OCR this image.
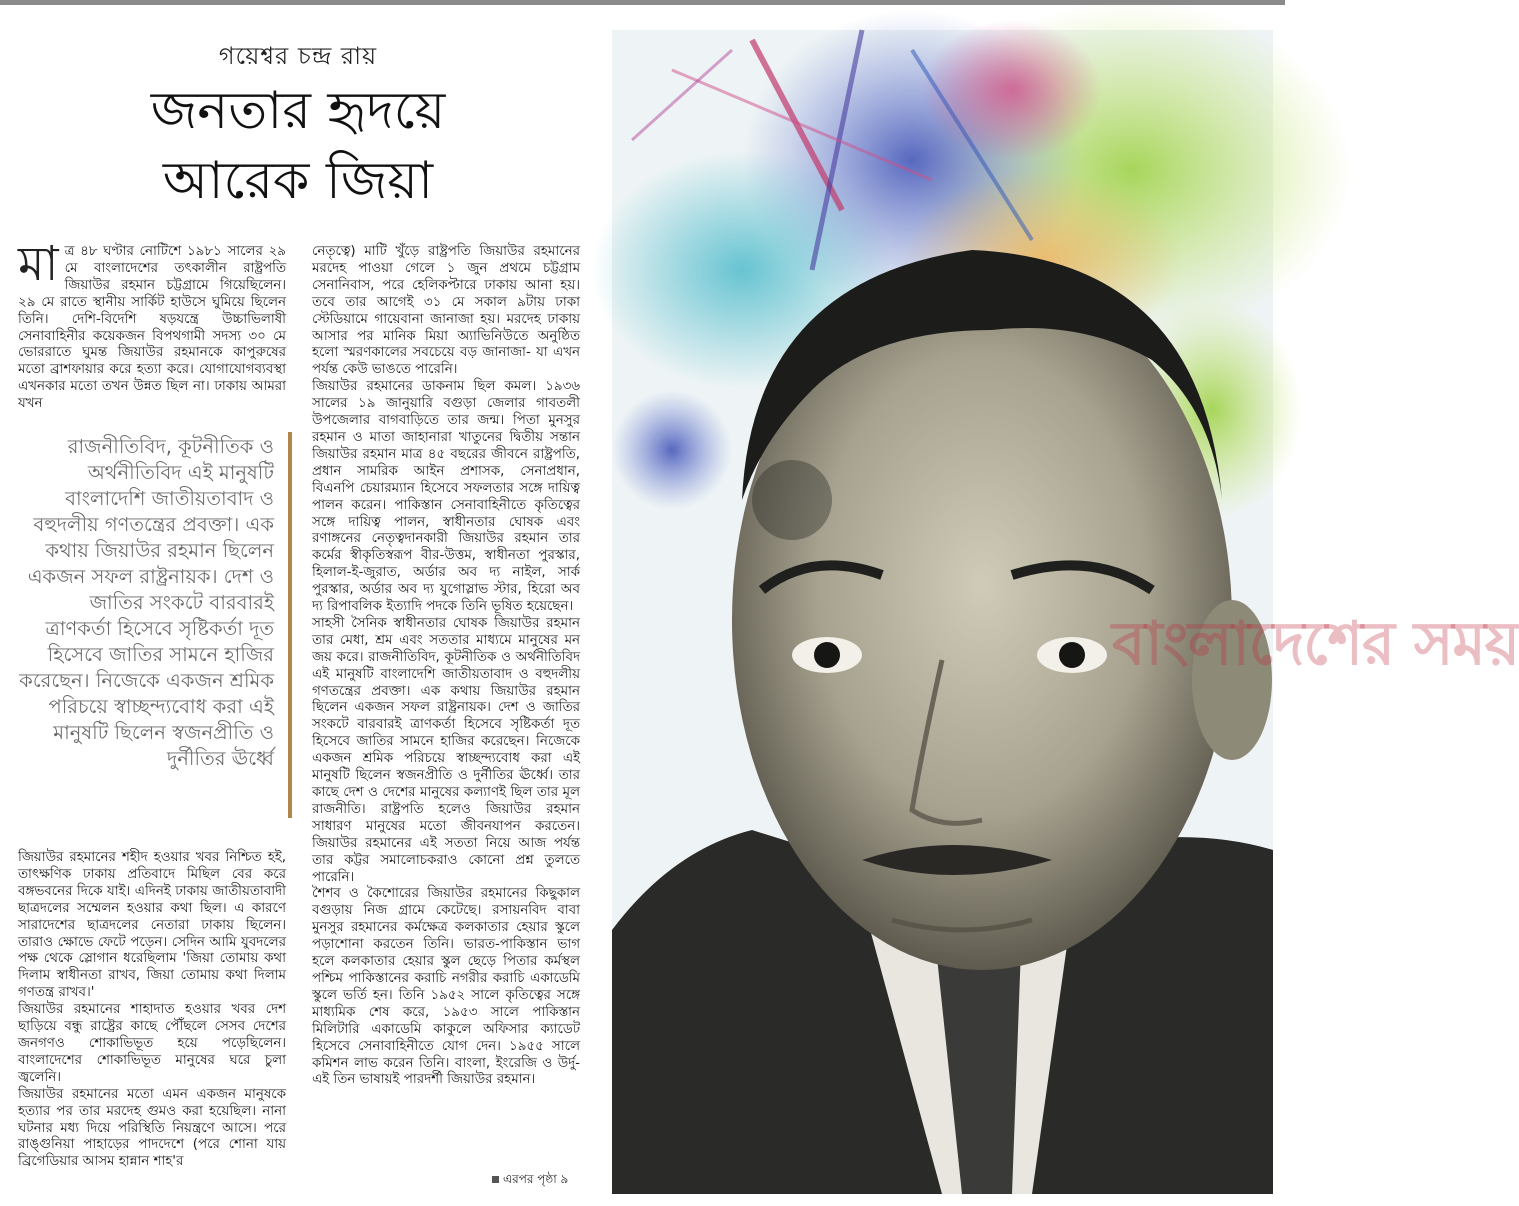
গয়েশ্বর চন্দ্র রায়
জনতার হৃদয়ে
আরেক জিয়া

মাত্র ৪৮ ঘণ্টার নোটিশে ১৯৮১ সালের ২৯ মে বাংলাদেশের তৎকালীন রাষ্ট্রপতি জিয়াউর রহমান চট্টগ্রামে গিয়েছিলেন। ২৯ মে রাতে স্থানীয় সার্কিট হাউসে ঘুমিয়ে ছিলেন তিনি। দেশি-বিদেশি ষড়যন্ত্রে উচ্চাভিলাষী সেনাবাহিনীর কয়েকজন বিপথগামী সদস্য ৩০ মে ভোররাতে ঘুমন্ত জিয়াউর রহমানকে কাপুরুষের মতো ব্রাশফায়ার করে হত্যা করে। যোগাযোগব্যবস্থা এখনকার মতো তখন উন্নত ছিল না। ঢাকায় আমরা যখন

রাজনীতিবিদ, কূটনীতিক ও অর্থনীতিবিদ এই মানুষটি বাংলাদেশি জাতীয়তাবাদ ও বহুদলীয় গণতন্ত্রের প্রবক্তা। এক কথায় জিয়াউর রহমান ছিলেন একজন সফল রাষ্ট্রনায়ক। দেশ ও জাতির সংকটে বারবারই ত্রাণকর্তা হিসেবে সৃষ্টিকর্তা দূত হিসেবে জাতির সামনে হাজির করেছেন। নিজেকে একজন শ্রমিক পরিচয়ে স্বাচ্ছন্দ্যবোধ করা এই মানুষটি ছিলেন স্বজনপ্রীতি ও দুর্নীতির ঊর্ধ্বে

জিয়াউর রহমানের শহীদ হওয়ার খবর নিশ্চিত হই, তাৎক্ষণিক ঢাকায় প্রতিবাদে মিছিল বের করে বঙ্গভবনের দিকে যাই। এদিনই ঢাকায় জাতীয়তাবাদী ছাত্রদলের সম্মেলন হওয়ার কথা ছিল। এ কারণে সারাদেশের ছাত্রদলের নেতারা ঢাকায় ছিলেন। তারাও ক্ষোভে ফেটে পড়েন। সেদিন আমি যুবদলের পক্ষ থেকে স্লোগান ধরেছিলাম 'জিয়া তোমায় কথা দিলাম স্বাধীনতা রাখব, জিয়া তোমায় কথা দিলাম গণতন্ত্র রাখব।'

জিয়াউর রহমানের শাহাদাত হওয়ার খবর দেশ ছাড়িয়ে বন্ধু রাষ্ট্রের কাছে পৌঁছলে সেসব দেশের জনগণও শোকাভিভূত হয়ে পড়েছিলেন। বাংলাদেশের শোকাভিভূত মানুষের ঘরে চুলা জ্বলেনি।

জিয়াউর রহমানের মতো এমন একজন মানুষকে হত্যার পর তার মরদেহ গুমও করা হয়েছিল। নানা ঘটনার মধ্য দিয়ে পরিস্থিতি নিয়ন্ত্রণে আসে। পরে রাঙ্গুনিয়া পাহাড়ের পাদদেশে (পরে শোনা যায় ব্রিগেডিয়ার আসম হান্নান শাহ'র

নেতৃত্বে) মাটি খুঁড়ে রাষ্ট্রপতি জিয়াউর রহমানের মরদেহ পাওয়া গেলে ১ জুন প্রথমে চট্টগ্রাম সেনানিবাস, পরে হেলিকপ্টারে ঢাকায় আনা হয়। তবে তার আগেই ৩১ মে সকাল ৯টায় ঢাকা স্টেডিয়ামে গায়েবানা জানাজা হয়। মরদেহ ঢাকায় আসার পর মানিক মিয়া অ্যাভিনিউতে অনুষ্ঠিত হলো স্মরণকালের সবচেয়ে বড় জানাজা- যা এখন পর্যন্ত কেউ ভাঙতে পারেনি।

জিয়াউর রহমানের ডাকনাম ছিল কমল। ১৯৩৬ সালের ১৯ জানুয়ারি বগুড়া জেলার গাবতলী উপজেলার বাগবাড়িতে তার জন্ম। পিতা মুনসুর রহমান ও মাতা জাহানারা খাতুনের দ্বিতীয় সন্তান জিয়াউর রহমান মাত্র ৪৫ বছরের জীবনে রাষ্ট্রপতি, প্রধান সামরিক আইন প্রশাসক, সেনাপ্রধান, বিএনপি চেয়ারম্যান হিসেবে সফলতার সঙ্গে দায়িত্ব পালন করেন। পাকিস্তান সেনাবাহিনীতে কৃতিত্বের সঙ্গে দায়িত্ব পালন, স্বাধীনতার ঘোষক এবং রণাঙ্গনের নেতৃত্বদানকারী জিয়াউর রহমান তার কর্মের স্বীকৃতিস্বরূপ বীর-উত্তম, স্বাধীনতা পুরস্কার, হিলাল-ই-জুরাত, অর্ডার অব দ্য নাইল, সার্ক পুরস্কার, অর্ডার অব দ্য যুগোস্লাভ স্টার, হিরো অব দ্য রিপাবলিক ইত্যাদি পদকে তিনি ভূষিত হয়েছেন।

সাহসী সৈনিক স্বাধীনতার ঘোষক জিয়াউর রহমান তার মেধা, শ্রম এবং সততার মাধ্যমে মানুষের মন জয় করে। রাজনীতিবিদ, কূটনীতিক ও অর্থনীতিবিদ এই মানুষটি বাংলাদেশি জাতীয়তাবাদ ও বহুদলীয় গণতন্ত্রের প্রবক্তা। এক কথায় জিয়াউর রহমান ছিলেন একজন সফল রাষ্ট্রনায়ক। দেশ ও জাতির সংকটে বারবারই ত্রাণকর্তা হিসেবে সৃষ্টিকর্তা দূত হিসেবে জাতির সামনে হাজির করেছেন। নিজেকে একজন শ্রমিক পরিচয়ে স্বাচ্ছন্দ্যবোধ করা এই মানুষটি ছিলেন স্বজনপ্রীতি ও দুর্নীতির ঊর্ধ্বে। তার কাছে দেশ ও দেশের মানুষের কল্যাণই ছিল তার মূল রাজনীতি। রাষ্ট্রপতি হলেও জিয়াউর রহমান সাধারণ মানুষের মতো জীবনযাপন করতেন। জিয়াউর রহমানের এই সততা নিয়ে আজ পর্যন্ত তার কট্টর সমালোচকরাও কোনো প্রশ্ন তুলতে পারেনি।

শৈশব ও কৈশোরের জিয়াউর রহমানের কিছুকাল বগুড়ায় নিজ গ্রামে কেটেছে। রসায়নবিদ বাবা মুনসুর রহমানের কর্মক্ষেত্র কলকাতার হেয়ার স্কুলে পড়াশোনা করতেন তিনি। ভারত-পাকিস্তান ভাগ হলে কলকাতার হেয়ার স্কুল ছেড়ে পিতার কর্মস্থল পশ্চিম পাকিস্তানের করাচি নগরীর করাচি একাডেমি স্কুলে ভর্তি হন। তিনি ১৯৫২ সালে কৃতিত্বের সঙ্গে মাধ্যমিক শেষ করে, ১৯৫৩ সালে পাকিস্তান মিলিটারি একাডেমি কাকুলে অফিসার ক্যাডেট হিসেবে সেনাবাহিনীতে যোগ দেন। ১৯৫৫ সালে কমিশন লাভ করেন তিনি। বাংলা, ইংরেজি ও উর্দু- এই তিন ভাষায়ই পারদর্শী জিয়াউর রহমান।

এরপর পৃষ্ঠা ৯
বাংলাদেশের সময়
